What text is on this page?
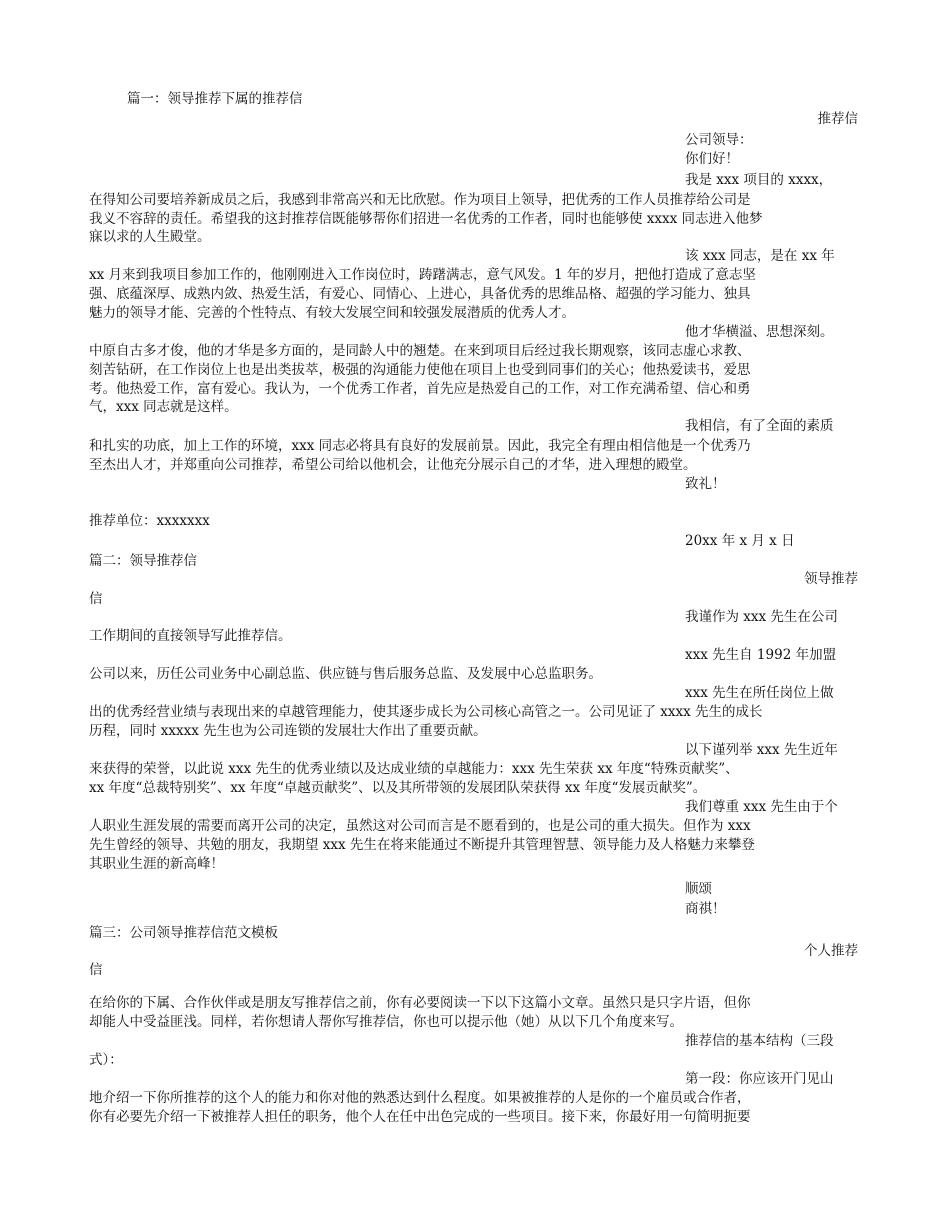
篇一：领导推荐下属的推荐信
推荐信
公司领导：
你们好！
我是 xxx 项目的 xxxx，
在得知公司要培养新成员之后，我感到非常高兴和无比欣慰。作为项目上领导，把优秀的工作人员推荐给公司是
我义不容辞的责任。希望我的这封推荐信既能够帮你们招进一名优秀的工作者，同时也能够使 xxxx 同志进入他梦
寐以求的人生殿堂。
该 xxx 同志，是在 xx 年
xx 月来到我项目参加工作的，他刚刚进入工作岗位时，踌躇满志，意气风发。1 年的岁月，把他打造成了意志坚
强、底蕴深厚、成熟内敛、热爱生活，有爱心、同情心、上进心，具备优秀的思维品格、超强的学习能力、独具
魅力的领导才能、完善的个性特点、有较大发展空间和较强发展潜质的优秀人才。
他才华横溢、思想深刻。
中原自古多才俊，他的才华是多方面的，是同龄人中的翘楚。在来到项目后经过我长期观察，该同志虚心求教、
刻苦钻研，在工作岗位上也是出类拔萃，极强的沟通能力使他在项目上也受到同事们的关心；他热爱读书，爱思
考。他热爱工作，富有爱心。我认为，一个优秀工作者，首先应是热爱自己的工作，对工作充满希望、信心和勇
气，xxx 同志就是这样。
我相信，有了全面的素质
和扎实的功底，加上工作的环境，xxx 同志必将具有良好的发展前景。因此，我完全有理由相信他是一个优秀乃
至杰出人才，并郑重向公司推荐，希望公司给以他机会，让他充分展示自己的才华，进入理想的殿堂。
致礼！
推荐单位：xxxxxxx
20xx 年 x 月 x 日
篇二：领导推荐信
领导推荐
信
我谨作为 xxx 先生在公司
工作期间的直接领导写此推荐信。
xxx 先生自 1992 年加盟
公司以来，历任公司业务中心副总监、供应链与售后服务总监、及发展中心总监职务。
xxx 先生在所任岗位上做
出的优秀经营业绩与表现出来的卓越管理能力，使其逐步成长为公司核心高管之一。公司见证了 xxxx 先生的成长
历程，同时 xxxxx 先生也为公司连锁的发展壮大作出了重要贡献。
以下谨列举 xxx 先生近年
来获得的荣誉，以此说 xxx 先生的优秀业绩以及达成业绩的卓越能力：xxx 先生荣获 xx 年度“特殊贡献奖”、
xx 年度“总裁特别奖”、xx 年度“卓越贡献奖”、以及其所带领的发展团队荣获得 xx 年度“发展贡献奖”。
我们尊重 xxx 先生由于个
人职业生涯发展的需要而离开公司的决定，虽然这对公司而言是不愿看到的，也是公司的重大损失。但作为 xxx
先生曾经的领导、共勉的朋友，我期望 xxx 先生在将来能通过不断提升其管理智慧、领导能力及人格魅力来攀登
其职业生涯的新高峰！
顺颂
商祺！
篇三：公司领导推荐信范文模板
个人推荐
信
在给你的下属、合作伙伴或是朋友写推荐信之前，你有必要阅读一下以下这篇小文章。虽然只是只字片语，但你
却能人中受益匪浅。同样，若你想请人帮你写推荐信，你也可以提示他（她）从以下几个角度来写。
推荐信的基本结构（三段
式）：
第一段：你应该开门见山
地介绍一下你所推荐的这个人的能力和你对他的熟悉达到什么程度。如果被推荐的人是你的一个雇员或合作者，
你有必要先介绍一下被推荐人担任的职务，他个人在任中出色完成的一些项目。接下来，你最好用一句简明扼要
